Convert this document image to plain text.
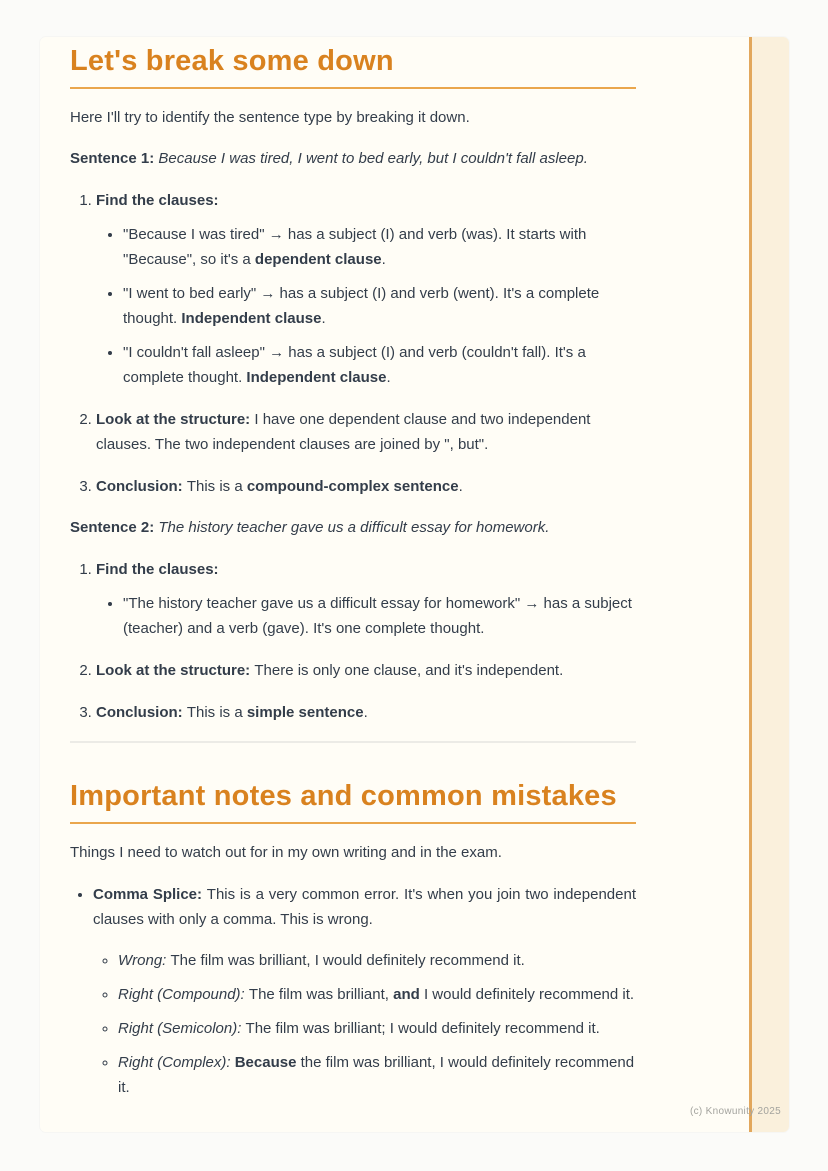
Let's break some down

Here I'll try to identify the sentence type by breaking it down.

Sentence 1: Because I was tired, I went to bed early, but I couldn't fall asleep.

1. Find the clauses:
• "Because I was tired" → has a subject (I) and verb (was). It starts with "Because", so it's a dependent clause.
• "I went to bed early" → has a subject (I) and verb (went). It's a complete thought. Independent clause.
• "I couldn't fall asleep" → has a subject (I) and verb (couldn't fall). It's a complete thought. Independent clause.
2. Look at the structure: I have one dependent clause and two independent clauses. The two independent clauses are joined by ", but".
3. Conclusion: This is a compound-complex sentence.

Sentence 2: The history teacher gave us a difficult essay for homework.

1. Find the clauses:
• "The history teacher gave us a difficult essay for homework" → has a subject (teacher) and a verb (gave). It's one complete thought.
2. Look at the structure: There is only one clause, and it's independent.
3. Conclusion: This is a simple sentence.
Important notes and common mistakes

Things I need to watch out for in my own writing and in the exam.

• Comma Splice: This is a very common error. It's when you join two independent clauses with only a comma. This is wrong.
◦ Wrong: The film was brilliant, I would definitely recommend it.
◦ Right (Compound): The film was brilliant, and I would definitely recommend it.
◦ Right (Semicolon): The film was brilliant; I would definitely recommend it.
◦ Right (Complex): Because the film was brilliant, I would definitely recommend it.
(c) Knowunity 2025
